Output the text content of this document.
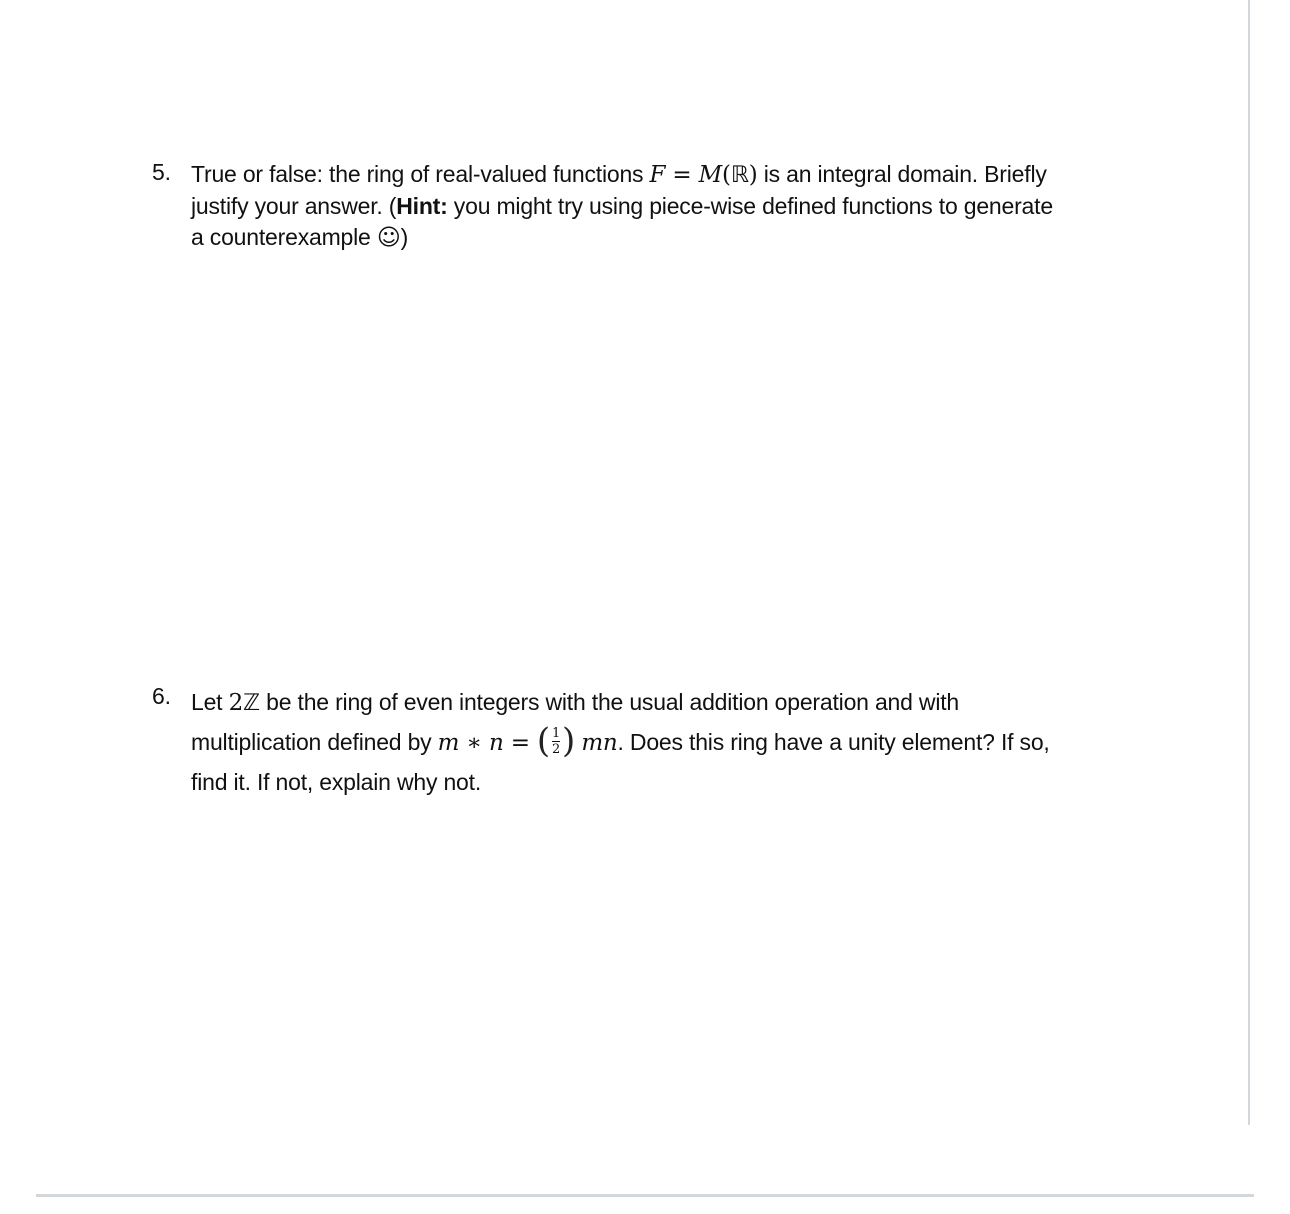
5. True or false: the ring of real-valued functions F = M(ℝ) is an integral domain. Briefly
justify your answer. (Hint: you might try using piece-wise defined functions to generate
a counterexample ☺)
6. Let 2ℤ be the ring of even integers with the usual addition operation and with
multiplication defined by m ∗ n = ( $\frac{1}{2}$ ) mn. Does this ring have a unity element? If so,
find it. If not, explain why not.
